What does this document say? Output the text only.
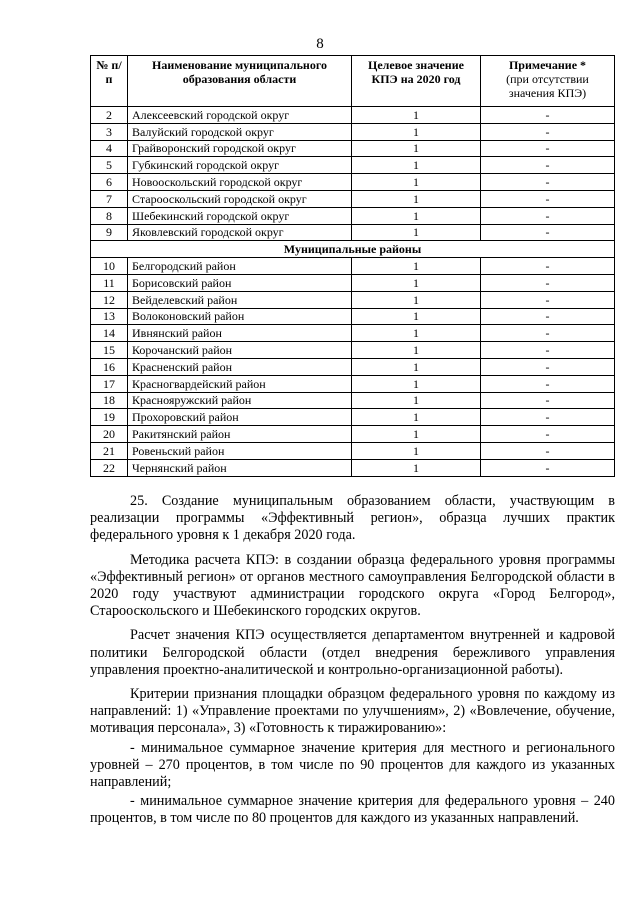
8
№ п/п	Наименование муниципального образования области	Целевое значение КПЭ на 2020 год	Примечание *
(при отсутствии значения КПЭ)
2	Алексеевский городской округ	1	-
3	Валуйский городской округ	1	-
4	Грайворонский городской округ	1	-
5	Губкинский городской округ	1	-
6	Новооскольский городской округ	1	-
7	Старооскольский городской округ	1	-
8	Шебекинский городской округ	1	-
9	Яковлевский городской округ	1	-
Муниципальные районы			
10	Белгородский район	1	-
11	Борисовский район	1	-
12	Вейделевский район	1	-
13	Волоконовский район	1	-
14	Ивнянский район	1	-
15	Корочанский район	1	-
16	Красненский район	1	-
17	Красногвардейский район	1	-
18	Краснояружский район	1	-
19	Прохоровский район	1	-
20	Ракитянский район	1	-
21	Ровеньский район	1	-
22	Чернянский район	1	-

25. Создание муниципальным образованием области, участвующим в реализации программы «Эффективный регион», образца лучших практик федерального уровня к 1 декабря 2020 года.

Методика расчета КПЭ: в создании образца федерального уровня программы «Эффективный регион» от органов местного самоуправления Белгородской области в 2020 году участвуют администрации городского округа «Город Белгород», Старооскольского и Шебекинского городских округов.

Расчет значения КПЭ осуществляется департаментом внутренней и кадровой политики Белгородской области (отдел внедрения бережливого управления управления проектно-аналитической и контрольно-организационной работы).

Критерии признания площадки образцом федерального уровня по каждому из направлений: 1) «Управление проектами по улучшениям», 2) «Вовлечение, обучение, мотивация персонала», 3) «Готовность к тиражированию»:

- минимальное суммарное значение критерия для местного и регионального уровней – 270 процентов, в том числе по 90 процентов для каждого из указанных направлений;

- минимальное суммарное значение критерия для федерального уровня – 240 процентов, в том числе по 80 процентов для каждого из указанных направлений.
